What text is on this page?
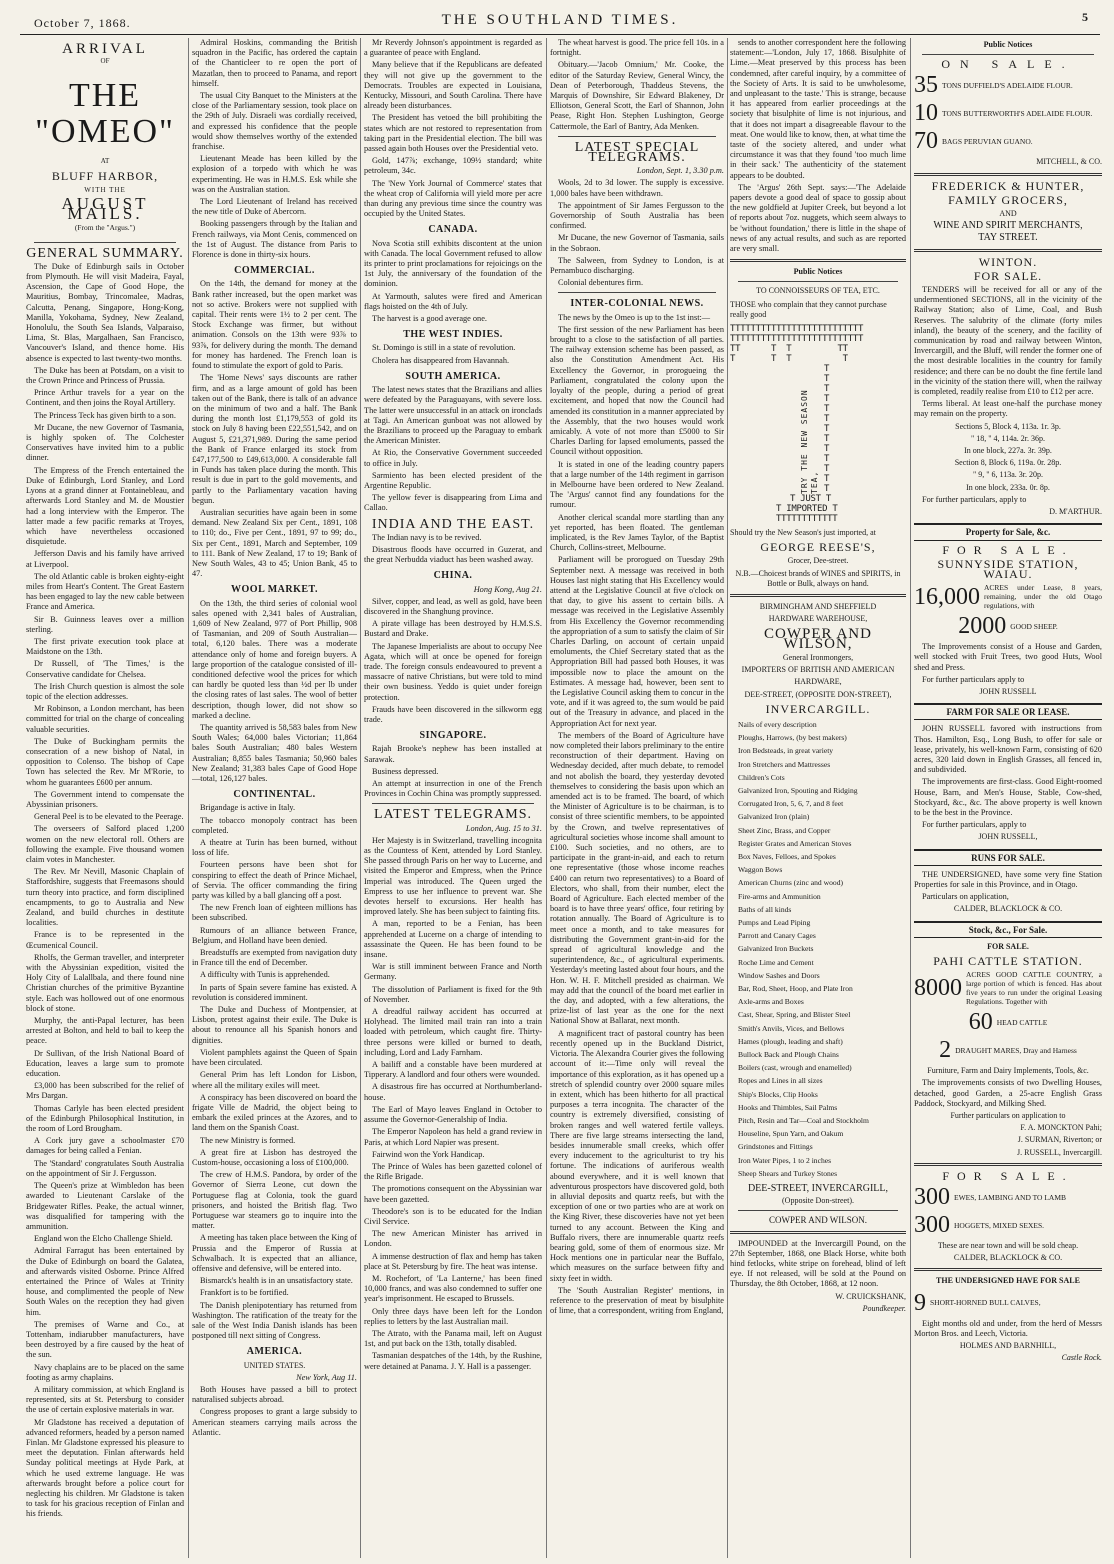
October 7, 1868.	THE SOUTHLAND TIMES.	5
ARRIVAL
OF
THE "OMEO"
AT
BLUFF HARBOR,
WITH THE
AUGUST MAILS.
(From the "Argus.")
GENERAL SUMMARY.

The Duke of Edinburgh sails in October from Plymouth. He will visit Madeira, Fayal, Ascension, the Cape of Good Hope, the Mauritius, Bombay, Trincomalee, Madras, Calcutta, Penang, Singapore, Hong-Kong, Manilla, Yokohama, Sydney, New Zealand, Honolulu, the South Sea Islands, Valparaiso, Lima, St. Blas, Margalhaen, San Francisco, Vancouver's Island, and thence home. His absence is expected to last twenty-two months.

The Duke has been at Potsdam, on a visit to the Crown Prince and Princess of Prussia.

Prince Arthur travels for a year on the Continent, and then joins the Royal Artillery.

The Princess Teck has given birth to a son.

Mr Ducane, the new Governor of Tasmania, is highly spoken of. The Colchester Conservatives have invited him to a public dinner.

The Empress of the French entertained the Duke of Edinburgh, Lord Stanley, and Lord Lyons at a grand dinner at Fontainebleau, and afterwards Lord Stanley and M. de Moustier had a long interview with the Emperor. The latter made a few pacific remarks at Troyes, which have nevertheless occasioned disquietude.

Jefferson Davis and his family have arrived at Liverpool.

The old Atlantic cable is broken eighty-eight miles from Heart's Content. The Great Eastern has been engaged to lay the new cable between France and America.

Sir B. Guinness leaves over a million sterling.

The first private execution took place at Maidstone on the 13th.

Dr Russell, of 'The Times,' is the Conservative candidate for Chelsea.

The Irish Church question is almost the sole topic of the election addresses.

Mr Robinson, a London merchant, has been committed for trial on the charge of concealing valuable securities.

The Duke of Buckingham permits the consecration of a new bishop of Natal, in opposition to Colenso. The bishop of Cape Town has selected the Rev. Mr M'Rorie, to whom he guarantees £600 per annum.

The Government intend to compensate the Abyssinian prisoners.

General Peel is to be elevated to the Peerage.

The overseers of Salford placed 1,200 women on the new electoral roll. Others are following the example. Five thousand women claim votes in Manchester.

The Rev. Mr Nevill, Masonic Chaplain of Staffordshire, suggests that Freemasons should turn theory into practice, and form disciplined encampments, to go to Australia and New Zealand, and build churches in destitute localities.

France is to be represented in the Œcumenical Council.

Rholfs, the German traveller, and interpreter with the Abyssinian expedition, visited the Holy City of Lalallbala, and there found nine Christian churches of the primitive Byzantine style. Each was hollowed out of one enormous block of stone.

Murphy, the anti-Papal lecturer, has been arrested at Bolton, and held to bail to keep the peace.

Dr Sullivan, of the Irish National Board of Education, leaves a large sum to promote education.

£3,000 has been subscribed for the relief of Mrs Dargan.

Thomas Carlyle has been elected president of the Edinburgh Philosophical Institution, in the room of Lord Brougham.

A Cork jury gave a schoolmaster £70 damages for being called a Fenian.

The 'Standard' congratulates South Australia on the appointment of Sir J. Fergusson.

The Queen's prize at Wimbledon has been awarded to Lieutenant Carslake of the Bridgewater Rifles. Peake, the actual winner, was disqualified for tampering with the ammunition.

England won the Elcho Challenge Shield.

Admiral Farragut has been entertained by the Duke of Edinburgh on board the Galatea, and afterwards visited Osborne. Prince Alfred entertained the Prince of Wales at Trinity house, and complimented the people of New South Wales on the reception they had given him.

The premises of Warne and Co., at Tottenham, indiarubber manufacturers, have been destroyed by a fire caused by the heat of the sun.

Navy chaplains are to be placed on the same footing as army chaplains.

A military commission, at which England is represented, sits at St. Petersburg to consider the use of certain explosive materials in war.

Mr Gladstone has received a deputation of advanced reformers, headed by a person named Finlan. Mr Gladstone expressed his pleasure to meet the deputation. Finlan afterwards held Sunday political meetings at Hyde Park, at which he used extreme language. He was afterwards brought before a police court for neglecting his children. Mr Gladstone is taken to task for his gracious reception of Finlan and his friends.

Admiral Hoskins, commanding the British squadron in the Pacific, has ordered the captain of the Chanticleer to re open the port of Mazatlan, then to proceed to Panama, and report himself.

The usual City Banquet to the Ministers at the close of the Parliamentary session, took place on the 29th of July. Disraeli was cordially received, and expressed his confidence that the people would show themselves worthy of the extended franchise.

Lieutenant Meade has been killed by the explosion of a torpedo with which he was experimenting. He was in H.M.S. Esk while she was on the Australian station.

The Lord Lieutenant of Ireland has received the new title of Duke of Abercorn.

Booking passengers through by the Italian and French railways, via Mont Cenis, commenced on the 1st of August. The distance from Paris to Florence is done in thirty-six hours.

COMMERCIAL.

On the 14th, the demand for money at the Bank rather increased, but the open market was not so active. Brokers were not supplied with capital. Their rents were 1½ to 2 per cent. The Stock Exchange was firmer, but without animation. Consols on the 13th were 93⅞ to 93⅞, for delivery during the month. The demand for money has hardened. The French loan is found to stimulate the export of gold to Paris.

The 'Home News' says discounts are rather firm, and as a large amount of gold has been taken out of the Bank, there is talk of an advance on the minimum of two and a half. The Bank during the month lost £1,179,553 of gold its stock on July 8 having been £22,551,542, and on August 5, £21,371,989. During the same period the Bank of France enlarged its stock from £47,177,500 to £49,613,000. A considerable fall in Funds has taken place during the month. This result is due in part to the gold movements, and partly to the Parliamentary vacation having begun.

Australian securities have again been in some demand. New Zealand Six per Cent., 1891, 108 to 110; do., Five per Cent., 1891, 97 to 99; do., Six per Cent., 1891, March and September, 109 to 111. Bank of New Zealand, 17 to 19; Bank of New South Wales, 43 to 45; Union Bank, 45 to 47.

WOOL MARKET.

On the 13th, the third series of colonial wool sales opened with 2,341 bales of Australian, 1,609 of New Zealand, 977 of Port Phillip, 908 of Tasmanian, and 209 of South Australian—total, 6,120 bales. There was a moderate attendance only of home and foreign buyers. A large proportion of the catalogue consisted of ill-conditioned defective wool the prices for which can hardly be quoted less than ½d per lb under the closing rates of last sales. The wool of better description, though lower, did not show so marked a decline.

The quantity arrived is 58,583 bales from New South Wales; 64,000 bales Victorian; 11,864 bales South Australian; 480 bales Western Australian; 8,855 bales Tasmania; 50,960 bales New Zealand; 31,383 bales Cape of Good Hope—total, 126,127 bales.

CONTINENTAL.

Brigandage is active in Italy.

The tobacco monopoly contract has been completed.

A theatre at Turin has been burned, without loss of life.

Fourteen persons have been shot for conspiring to effect the death of Prince Michael, of Servia. The officer commanding the firing party was killed by a ball glancing off a post.

The new French loan of eighteen millions has been subscribed.

Rumours of an alliance between France, Belgium, and Holland have been denied.

Breadstuffs are exempted from navigation duty in France till the end of December.

A difficulty with Tunis is apprehended.

In parts of Spain severe famine has existed. A revolution is considered imminent.

The Duke and Duchess of Montpensier, at Lisbon, protest against their exile. The Duke is about to renounce all his Spanish honors and dignities.

Violent pamphlets against the Queen of Spain have been circulated.

General Prim has left London for Lisbon, where all the military exiles will meet.

A conspiracy has been discovered on board the frigate Ville de Madrid, the object being to embark the exiled princes at the Azores, and to land them on the Spanish Coast.

The new Ministry is formed.

A great fire at Lisbon has destroyed the Custom-house, occasioning a loss of £100,000.

The crew of H.M.S. Pandora, by order of the Governor of Sierra Leone, cut down the Portuguese flag at Colonia, took the guard prisoners, and hoisted the British flag. Two Portuguese war steamers go to inquire into the matter.

A meeting has taken place between the King of Prussia and the Emperor of Russia at Schwalbach. It is expected that an alliance, offensive and defensive, will be entered into.

Bismarck's health is in an unsatisfactory state.

Frankfort is to be fortified.

The Danish plenipotentiary has returned from Washington. The ratification of the treaty for the sale of the West India Danish islands has been postponed till next sitting of Congress.

AMERICA.
UNITED STATES.
New York, Aug 11.

Both Houses have passed a bill to protect naturalised subjects abroad.

Congress proposes to grant a large subsidy to American steamers carrying mails across the Atlantic.

Mr Reverdy Johnson's appointment is regarded as a guarantee of peace with England.

Many believe that if the Republicans are defeated they will not give up the government to the Democrats. Troubles are expected in Louisiana, Kentucky, Missouri, and South Carolina. There have already been disturbances.

The President has vetoed the bill prohibiting the states which are not restored to representation from taking part in the Presidential election. The bill was passed again both Houses over the Presidential veto.

Gold, 147⅞; exchange, 109½ standard; white petroleum, 34c.

The 'New York Journal of Commerce' states that the wheat crop of California will yield more per acre than during any previous time since the country was occupied by the United States.

CANADA.

Nova Scotia still exhibits discontent at the union with Canada. The local Government refused to allow its printer to print proclamations for rejoicings on the 1st July, the anniversary of the foundation of the dominion.

At Yarmouth, salutes were fired and American flags hoisted on the 4th of July.

The harvest is a good average one.

THE WEST INDIES.

St. Domingo is still in a state of revolution.

Cholera has disappeared from Havannah.

SOUTH AMERICA.

The latest news states that the Brazilians and allies were defeated by the Paraguayans, with severe loss. The latter were unsuccessful in an attack on ironclads at Tagi. An American gunboat was not allowed by the Brazilians to proceed up the Paraguay to embark the American Minister.

At Rio, the Conservative Government succeeded to office in July.

Sarmiento has been elected president of the Argentine Republic.

The yellow fever is disappearing from Lima and Callao.

INDIA AND THE EAST.

The Indian navy is to be revived.

Disastrous floods have occurred in Guzerat, and the great Nerbudda viaduct has been washed away.

CHINA.
Hong Kong, Aug 21.

Silver, copper, and lead, as well as gold, have been discovered in the Shanghung province.

A pirate village has been destroyed by H.M.S.S. Bustard and Drake.

The Japanese Imperialists are about to occupy Nee Agata, which will at once be opened for foreign trade. The foreign consuls endeavoured to prevent a massacre of native Christians, but were told to mind their own business. Yeddo is quiet under foreign protection.

Frauds have been discovered in the silkworm egg trade.

SINGAPORE.

Rajah Brooke's nephew has been installed at Sarawak.

Business depressed.

An attempt at insurrection in one of the French Provinces in Cochin China was promptly suppressed.

LATEST TELEGRAMS.
London, Aug. 15 to 31.

Her Majesty is in Switzerland, travelling incognita as the Countess of Kent, attended by Lord Stanley. She passed through Paris on her way to Lucerne, and visited the Emperor and Empress, when the Prince Imperial was introduced. The Queen urged the Empress to use her influence to prevent war. She devotes herself to excursions. Her health has improved lately. She has been subject to fainting fits.

A man, reported to be a Fenian, has been apprehended at Lucerne on a charge of intending to assassinate the Queen. He has been found to be insane.

War is still imminent between France and North Germany.

The dissolution of Parliament is fixed for the 9th of November.

A dreadful railway accident has occurred at Holyhead. The limited mail train ran into a train loaded with petroleum, which caught fire. Thirty-three persons were killed or burned to death, including, Lord and Lady Farnham.

A bailiff and a constable have been murdered at Tipperary. A landlord and four others were wounded.

A disastrous fire has occurred at Northumberland-house.

The Earl of Mayo leaves England in October to assume the Governor-Generalship of India.

The Emperor Napoleon has held a grand review in Paris, at which Lord Napier was present.

Fairwind won the York Handicap.

The Prince of Wales has been gazetted colonel of the Rifle Brigade.

The promotions consequent on the Abyssinian war have been gazetted.

Theodore's son is to be educated for the Indian Civil Service.

The new American Minister has arrived in London.

A immense destruction of flax and hemp has taken place at St. Petersburg by fire. The heat was intense.

M. Rochefort, of 'La Lanterne,' has been fined 10,000 francs, and was also condemned to suffer one year's imprisonment. He escaped to Brussels.

Only three days have been left for the London replies to letters by the last Australian mail.

The Atrato, with the Panama mail, left on August 1st, and put back on the 13th, totally disabled.

Tasmanian despatches of the 14th, by the Rushine, were detained at Panama. J. Y. Hall is a passenger.

The wheat harvest is good. The price fell 10s. in a fortnight.

Obituary.—'Jacob Omnium,' Mr. Cooke, the editor of the Saturday Review, General Wincy, the Dean of Peterborough, Thaddeus Stevens, the Marquis of Downshire, Sir Edward Blakeney, Dr Elliotson, General Scott, the Earl of Shannon, John Pease, Right Hon. Stephen Lushington, George Cattermole, the Earl of Bantry, Ada Menken.

LATEST SPECIAL TELEGRAMS.
London, Sept. 1, 3.30 p.m.

Wools, 2d to 3d lower. The supply is excessive. 1,000 bales have been withdrawn.

The appointment of Sir James Fergusson to the Governorship of South Australia has been confirmed.

Mr Ducane, the new Governor of Tasmania, sails in the Sobraon.

The Salween, from Sydney to London, is at Pernambuco discharging.

Colonial debentures firm.

INTER-COLONIAL NEWS.

The news by the Omeo is up to the 1st inst:—

The first session of the new Parliament has been brought to a close to the satisfaction of all parties. The railway extension scheme has been passed, as also the Constitution Amendment Act. His Excellency the Governor, in prorogueing the Parliament, congratulated the colony upon the loyalty of the people, during a period of great excitement, and hoped that now the Council had amended its constitution in a manner appreciated by the Assembly, that the two houses would work amicably. A vote of not more than £5000 to Sir Charles Darling for lapsed emoluments, passed the Council without opposition.

It is stated in one of the leading country papers that a large number of the 14th regiment in garrison in Melbourne have been ordered to New Zealand. The 'Argus' cannot find any foundations for the rumour.

Another clerical scandal more startling than any yet reported, has been floated. The gentleman implicated, is the Rev James Taylor, of the Baptist Church, Collins-street, Melbourne.

Parliament will be prorogued on Tuesday 29th September next. A message was received in both Houses last night stating that His Excellency would attend at the Legislative Council at five o'clock on that day, to give his assent to certain bills. A message was received in the Legislative Assembly from His Excellency the Governor recommending the appropriation of a sum to satisfy the claim of Sir Charles Darling, on account of certain unpaid emoluments, the Chief Secretary stated that as the Appropriation Bill had passed both Houses, it was impossible now to place the amount on the Estimates. A message had, however, been sent to the Legislative Council asking them to concur in the vote, and if it was agreed to, the sum would be paid out of the Treasury in advance, and placed in the Appropriation Act for next year.

The members of the Board of Agriculture have now completed their labors preliminary to the entire reconstruction of their department. Having on Wednesday decided, after much debate, to remodel and not abolish the board, they yesterday devoted themselves to considering the basis upon which an amended act is to be framed. The board, of which the Minister of Agriculture is to be chairman, is to consist of three scientific members, to be appointed by the Crown, and twelve representatives of agricultural societies whose income shall amount to £100. Such societies, and no others, are to participate in the grant-in-aid, and each to return one representative (those whose income reaches £400 can return two representatives) to a Board of Electors, who shall, from their number, elect the Board of Agriculture. Each elected member of the board is to have three years' office, four retiring by rotation annually. The Board of Agriculture is to meet once a month, and to take measures for distributing the Government grant-in-aid for the spread of agricultural knowledge and the superintendence, &c., of agricultural experiments. Yesterday's meeting lasted about four hours, and the Hon. W. H. F. Mitchell presided as chairman. We may add that the council of the board met earlier in the day, and adopted, with a few alterations, the prize-list of last year as the one for the next National Show at Ballarat, next month.

A magnificent tract of pastoral country has been recently opened up in the Buckland District, Victoria. The Alexandra Courier gives the following account of it:—Time only will reveal the importance of this exploration, as it has opened up a stretch of splendid country over 2000 square miles in extent, which has been hitherto for all practical purposes a terra incognita. The character of the country is extremely diversified, consisting of broken ranges and well watered fertile valleys. There are five large streams intersecting the land, besides innumerable small creeks, which offer every inducement to the agriculturist to try his fortune. The indications of auriferous wealth abound everywhere, and it is well known that adventurous prospectors have discovered gold, both in alluvial deposits and quartz reefs, but with the exception of one or two parties who are at work on the King River, these discoveries have not yet been turned to any account. Between the King and Buffalo rivers, there are innumerable quartz reefs bearing gold, some of them of enormous size. Mr Hock mentions one in particular near the Buffalo, which measures on the surface between fifty and sixty feet in width.

The 'South Australian Register' mentions, in reference to the preservation of meat by bisulphite of lime, that a correspondent, writing from England,

sends to another correspondent here the following statement:—'London, July 17, 1868. Bisulphite of Lime.—Meat preserved by this process has been condemned, after careful inquiry, by a committee of the Society of Arts. It is said to be unwholesome, and unpleasant to the taste.' This is strange, because it has appeared from earlier proceedings at the society that bisulphite of lime is not injurious, and that it does not impart a disagreeable flavour to the meat. One would like to know, then, at what time the taste of the society altered, and under what circumstance it was that they found 'too much lime in their sack.' The authenticity of the statement appears to be doubted.

The 'Argus' 26th Sept. says:—'The Adelaide papers devote a good deal of space to gossip about the new goldfield at Jupiter Creek, but beyond a lot of reports about 7oz. nuggets, which seem always to be 'without foundation,' there is little in the shape of news of any actual results, and such as are reported are very small.

Public Notices
TO CONNOISSEURS OF TEA, ETC.
THOSE who complain that they cannot purchase really good
TTTTTTTTTTTTTTTTTTTTTTTTTT
TTTTTTTTTTTTTTTTTTTTTTTTTT
TT      T  T         TT
T       T  T          T
TRY THE NEW SEASON TEA,
T
T
T
T
T
T
T
T
T
T
T
T
T
T JUST T
T IMPORTED T
TTTTTTTTTTTT
Should try the New Season's just imported, at
GEORGE REESE'S,
Grocer, Dee-street.
N.B.—Choicest brands of WINES and SPIRITS, in Bottle or Bulk, always on hand.
BIRMINGHAM AND SHEFFIELD
HARDWARE WAREHOUSE,
COWPER AND WILSON,
General Ironmongers,
IMPORTERS OF BRITISH AND AMERICAN
HARDWARE,
DEE-STREET, (OPPOSITE DON-STREET),
INVERCARGILL.
Nails of every description
Ploughs, Harrows, (by best makers)
Iron Bedsteads, in great variety
Iron Stretchers and Mattresses
Children's Cots
Galvanized Iron, Spouting and Ridging
Corrugated Iron, 5, 6, 7, and 8 feet
Galvanized Iron (plain)
Sheet Zinc, Brass, and Copper
Register Grates and American Stoves
Box Naves, Felloes, and Spokes
Waggon Bows
American Churns (zinc and wood)
Fire-arms and Ammunition
Baths of all kinds
Pumps and Lead Piping
Parrott and Canary Cages
Galvanized Iron Buckets
Roche Lime and Cement
Window Sashes and Doors
Bar, Rod, Sheet, Hoop, and Plate Iron
Axle-arms and Boxes
Cast, Shear, Spring, and Blister Steel
Smith's Anvils, Vices, and Bellows
Hames (plough, leading and shaft)
Bullock Back and Plough Chains
Boilers (cast, wrough and enamelled)
Ropes and Lines in all sizes
Ship's Blocks, Clip Hooks
Hooks and Thimbles, Sail Palms
Pitch, Resin and Tar—Coal and Stockholm
Houseline, Spun Yarn, and Oakum
Grindstones and Fittings
Iron Water Pipes, 1 to 2 inches
Sheep Shears and Turkey Stones
DEE-STREET, INVERCARGILL,
(Opposite Don-street).
COWPER AND WILSON.

IMPOUNDED at the Invercargill Pound, on the 27th September, 1868, one Black Horse, white both hind fetlocks, white stripe on forehead, blind of left eye. If not released, will be sold at the Pound on Thursday, the 8th October, 1868, at 12 noon.

W. CRUICKSHANK,
Poundkeeper.
Public Notices
ON SALE.
35 TONS DUFFIELD'S ADELAIDE FLOUR.
10 TONS BUTTERWORTH'S ADELAIDE FLOUR.
70 BAGS PERUVIAN GUANO.
MITCHELL, & CO.
FREDERICK & HUNTER,
FAMILY GROCERS,
AND
WINE AND SPIRIT MERCHANTS,
TAY STREET.
WINTON.
FOR SALE.

TENDERS will be received for all or any of the undermentioned SECTIONS, all in the vicinity of the Railway Station; also of Lime, Coal, and Bush Reserves. The salubrity of the climate (forty miles inland), the beauty of the scenery, and the facility of communication by road and railway between Winton, Invercargill, and the Bluff, will render the former one of the most desirable localities in the country for family residence; and there can be no doubt the fine fertile land in the vicinity of the station there will, when the railway is completed, readily realise from £10 to £12 per acre.

Terms liberal. At least one-half the purchase money may remain on the property.

Sections 5, Block 4, 113a. 1r. 3p.
" 18, " 4, 114a. 2r. 36p.
In one block, 227a. 3r. 39p.
Section 8, Block 6, 119a. 0r. 28p.
" 9, " 6, 113a. 3r. 20p.
In one block, 233a. 0r. 8p.

For further particulars, apply to

D. M'ARTHUR.
Property for Sale, &c.
FOR SALE.
SUNNYSIDE STATION, WAIAU.
16,000 ACRES under Lease, 8 years, remaining, under the old Otago regulations, with
2000 GOOD SHEEP.

The Improvements consist of a House and Garden, well stocked with Fruit Trees, two good Huts, Wool shed and Press.

For further particulars apply to

JOHN RUSSELL
FARM FOR SALE OR LEASE.

JOHN RUSSELL favored with instructions from Thos. Hamilton, Esq., Long Bush, to offer for sale or lease, privately, his well-known Farm, consisting of 620 acres, 320 laid down in English Grasses, all fenced in, and subdivided.

The improvements are first-class. Good Eight-roomed House, Barn, and Men's House, Stable, Cow-shed, Stockyard, &c., &c. The above property is well known to be the best in the Province.

For further particulars, apply to

JOHN RUSSELL,
RUNS FOR SALE.

THE UNDERSIGNED, have some very fine Station Properties for sale in this Province, and in Otago.

Particulars on application,

CALDER, BLACKLOCK & CO.
Stock, &c., For Sale.
FOR SALE.
PAHI CATTLE STATION.
8000
ACRES GOOD CATTLE COUNTRY, a large portion of which is fenced. Has about five years to run under the original Leasing Regulations. Together with
60 HEAD CATTLE
2 DRAUGHT MARES, Dray and Harness
Furniture, Farm and Dairy Implements, Tools, &c.

The improvements consists of two Dwelling Houses, detached, good Garden, a 25-acre English Grass Paddock, Stockyard, and Milking Shed.

Further particulars on application to
F. A. MONCKTON Pahi;
J. SURMAN, Riverton; or
J. RUSSELL, Invercargill.
FOR SALE.
300 EWES, LAMBING AND TO LAMB
300 HOGGETS, MIXED SEXES.
These are near town and will be sold cheap.
CALDER, BLACKLOCK & CO.
THE UNDERSIGNED HAVE FOR SALE
9 SHORT-HORNED BULL CALVES,

Eight months old and under, from the herd of Messrs Morton Bros. and Leech, Victoria.

HOLMES AND BARNHILL,
Castle Rock.
